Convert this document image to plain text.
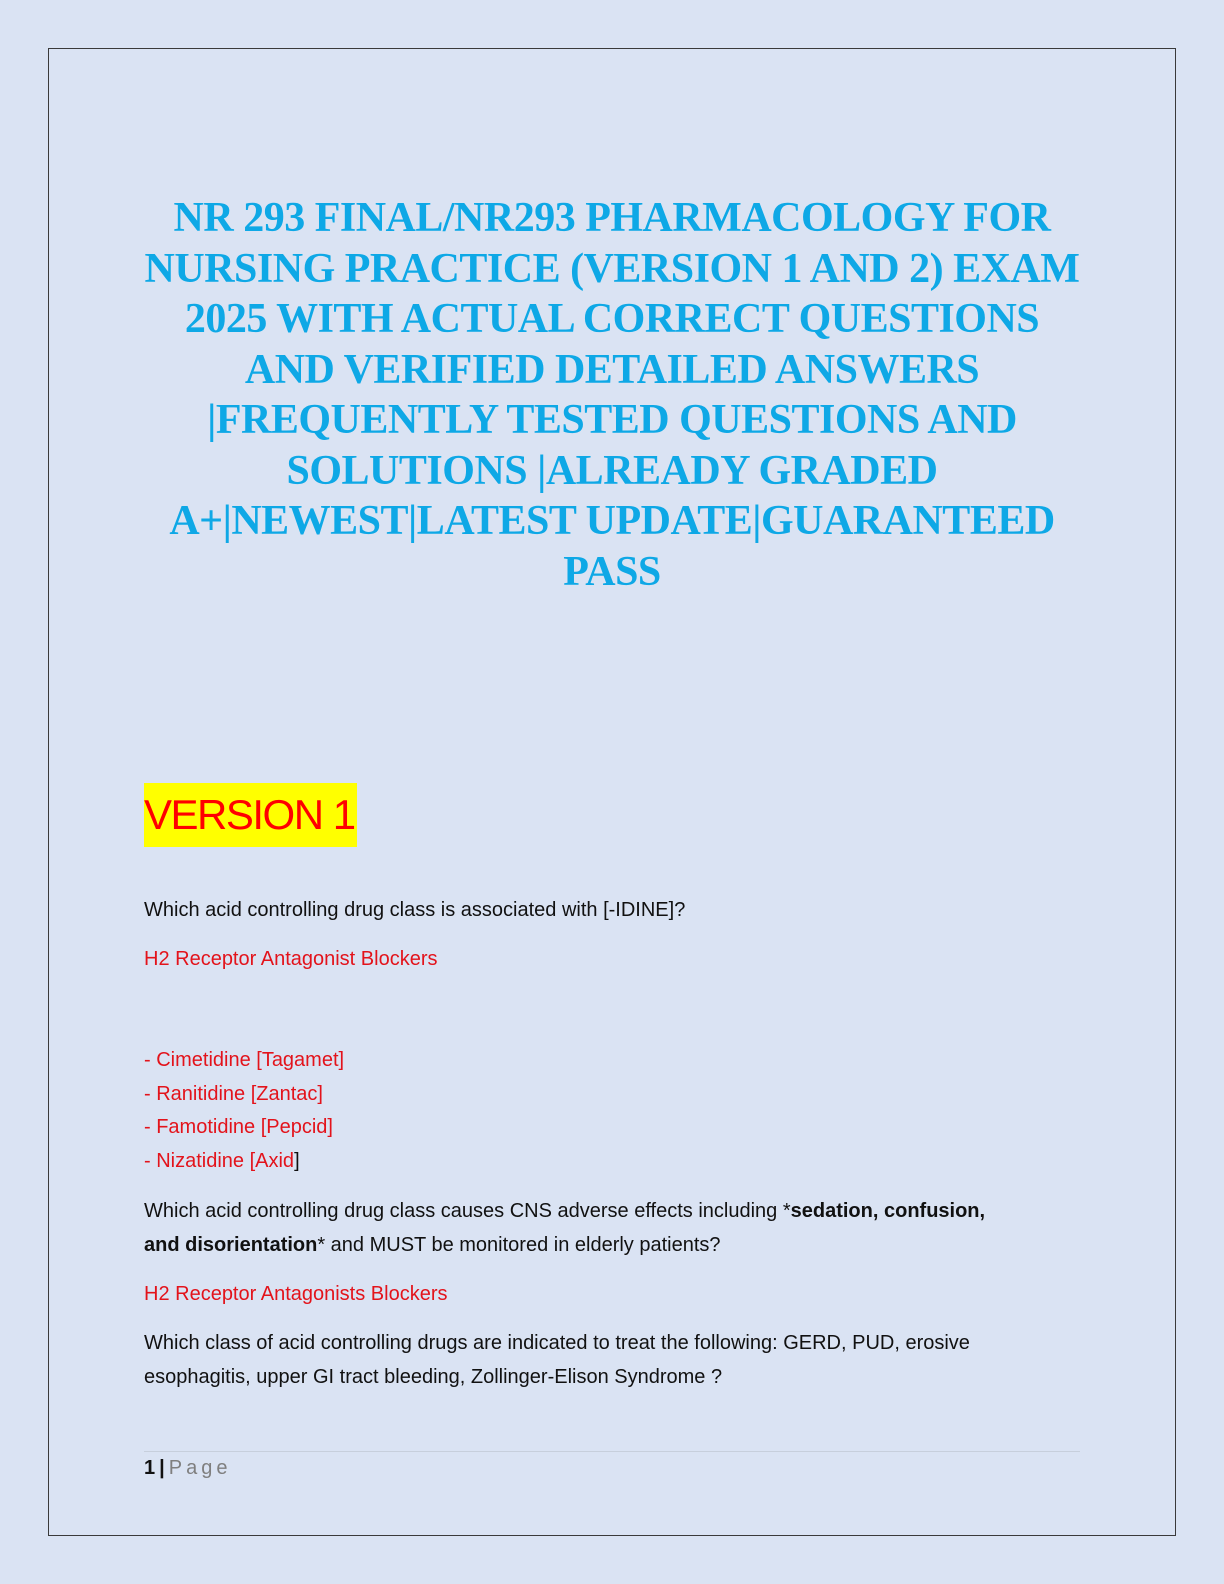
NR 293 FINAL/NR293 PHARMACOLOGY FOR NURSING PRACTICE (VERSION 1 AND 2) EXAM 2025 WITH ACTUAL CORRECT QUESTIONS AND VERIFIED DETAILED ANSWERS |FREQUENTLY TESTED QUESTIONS AND SOLUTIONS |ALREADY GRADED A+|NEWEST|LATEST UPDATE|GUARANTEED PASS
VERSION 1

Which acid controlling drug class is associated with [-IDINE]?

H2 Receptor Antagonist Blockers

- Cimetidine [Tagamet]

- Ranitidine [Zantac]

- Famotidine [Pepcid]

- Nizatidine [Axid]

Which acid controlling drug class causes CNS adverse effects including *sedation, confusion,

and disorientation* and MUST be monitored in elderly patients?

H2 Receptor Antagonists Blockers

Which class of acid controlling drugs are indicated to treat the following: GERD, PUD, erosive

esophagitis, upper GI tract bleeding, Zollinger-Elison Syndrome ?

1 | Page
